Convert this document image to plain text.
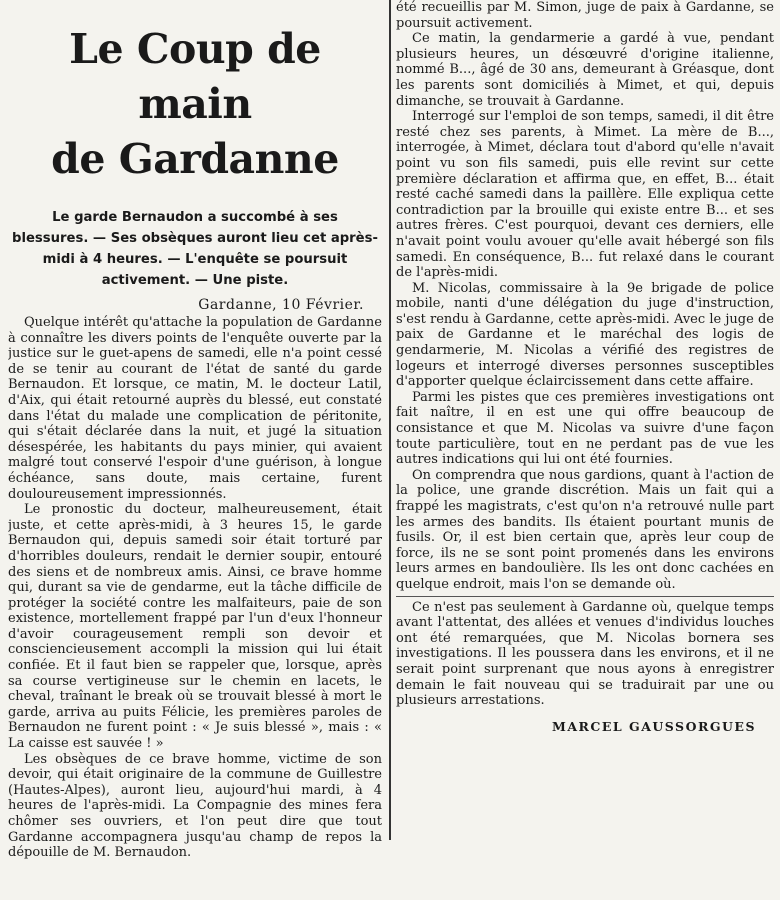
Le Coup de main
de Gardanne
Le garde Bernaudon a succombé à ses blessures. — Ses obsèques auront lieu cet après-midi à 4 heures. — L'enquête se poursuit activement. — Une piste.
Gardanne, 10 Février.

Quelque intérêt qu'attache la population de Gardanne à connaître les divers points de l'enquête ouverte par la justice sur le guet-apens de samedi, elle n'a point cessé de se tenir au courant de l'état de santé du garde Bernaudon. Et lorsque, ce matin, M. le docteur Latil, d'Aix, qui était retourné auprès du blessé, eut constaté dans l'état du malade une complication de péritonite, qui s'était déclarée dans la nuit, et jugé la situation désespérée, les habitants du pays minier, qui avaient malgré tout conservé l'espoir d'une guérison, à longue échéance, sans doute, mais certaine, furent douloureusement impressionnés.

Le pronostic du docteur, malheureusement, était juste, et cette après-midi, à 3 heures 15, le garde Bernaudon qui, depuis samedi soir était torturé par d'horribles douleurs, rendait le dernier soupir, entouré des siens et de nombreux amis. Ainsi, ce brave homme qui, durant sa vie de gendarme, eut la tâche difficile de protéger la société contre les malfaiteurs, paie de son existence, mortellement frappé par l'un d'eux l'honneur d'avoir courageusement rempli son devoir et consciencieusement accompli la mission qui lui était confiée. Et il faut bien se rappeler que, lorsque, après sa course vertigineuse sur le chemin en lacets, le cheval, traînant le break où se trouvait blessé à mort le garde, arriva au puits Félicie, les premières paroles de Bernaudon ne furent point : « Je suis blessé », mais : « La caisse est sauvée ! »

Les obsèques de ce brave homme, victime de son devoir, qui était originaire de la commune de Guillestre (Hautes-Alpes), auront lieu, aujourd'hui mardi, à 4 heures de l'après-midi. La Compagnie des mines fera chômer ses ouvriers, et l'on peut dire que tout Gardanne accompagnera jusqu'au champ de repos la dépouille de M. Bernaudon.

été recueillis par M. Simon, juge de paix à Gardanne, se poursuit activement.

Ce matin, la gendarmerie a gardé à vue, pendant plusieurs heures, un désœuvré d'origine italienne, nommé B..., âgé de 30 ans, demeurant à Gréasque, dont les parents sont domiciliés à Mimet, et qui, depuis dimanche, se trouvait à Gardanne.

Interrogé sur l'emploi de son temps, samedi, il dit être resté chez ses parents, à Mimet. La mère de B..., interrogée, à Mimet, déclara tout d'abord qu'elle n'avait point vu son fils samedi, puis elle revint sur cette première déclaration et affirma que, en effet, B... était resté caché samedi dans la paillère. Elle expliqua cette contradiction par la brouille qui existe entre B... et ses autres frères. C'est pourquoi, devant ces derniers, elle n'avait point voulu avouer qu'elle avait hébergé son fils samedi. En conséquence, B... fut relaxé dans le courant de l'après-midi.

M. Nicolas, commissaire à la 9e brigade de police mobile, nanti d'une délégation du juge d'instruction, s'est rendu à Gardanne, cette après-midi. Avec le juge de paix de Gardanne et le maréchal des logis de gendarmerie, M. Nicolas a vérifié des registres de logeurs et interrogé diverses personnes susceptibles d'apporter quelque éclaircissement dans cette affaire.

Parmi les pistes que ces premières investigations ont fait naître, il en est une qui offre beaucoup de consistance et que M. Nicolas va suivre d'une façon toute particulière, tout en ne perdant pas de vue les autres indications qui lui ont été fournies.

On comprendra que nous gardions, quant à l'action de la police, une grande discrétion. Mais un fait qui a frappé les magistrats, c'est qu'on n'a retrouvé nulle part les armes des bandits. Ils étaient pourtant munis de fusils. Or, il est bien certain que, après leur coup de force, ils ne se sont point promenés dans les environs leurs armes en bandoulière. Ils les ont donc cachées en quelque endroit, mais l'on se demande où.

Ce n'est pas seulement à Gardanne où, quelque temps avant l'attentat, des allées et venues d'individus louches ont été remarquées, que M. Nicolas bornera ses investigations. Il les poussera dans les environs, et il ne serait point surprenant que nous ayons à enregistrer demain le fait nouveau qui se traduirait par une ou plusieurs arrestations.

MARCEL GAUSSORGUES
